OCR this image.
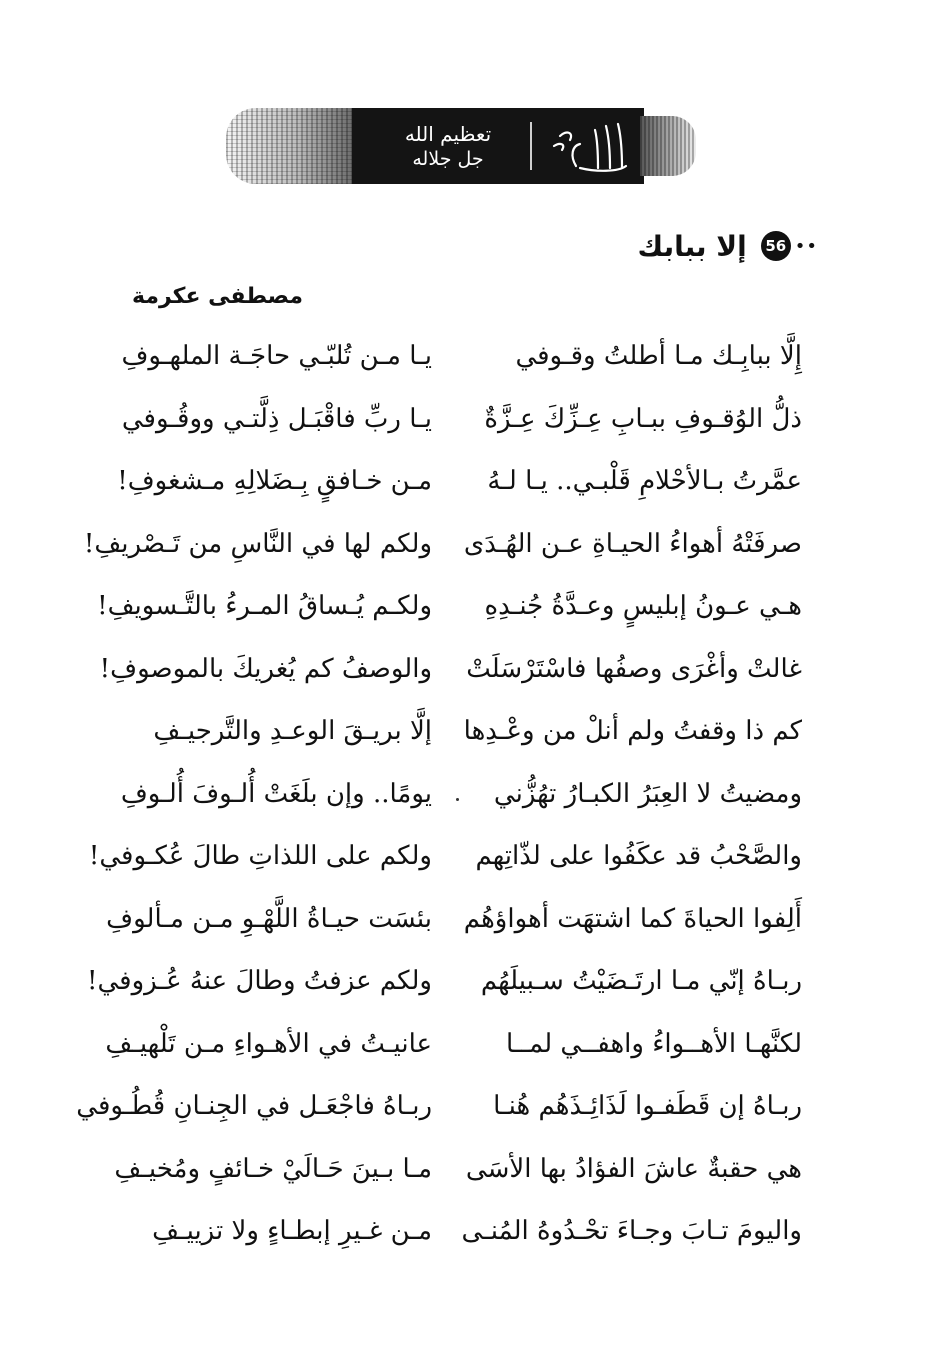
تعظيم الله
جل جلاله
••
56
إلا ببابك
مصطفى عكرمة
إِلَّا ببابِـك مـا أطلتُ وقـوفي
يـا مـن تُلبّـي حاجَـة الملهـوفِ
ذلُّ الوُقـوفِ ببـابِ عِـزِّكَ عِـزَّةٌ
يـا ربِّ فاقْبَـل ذِلَّتـي ووقُـوفي
عمَّرتُ بـالأحْلامِ قَلْبـي.. يـا لـهُ
مـن خـافقٍ بِـضَلالِهِ مـشغوفِ!
صرفَتْهُ أهواءُ الحيـاةِ عـن الهُـدَى
ولكم لها في النَّاسِ من تَـصْريفِ!
هـي عـونُ إبليسٍ وعـدَّةُ جُنـدِهِ
ولكـم يُـساقُ المـرءُ بالتَّـسويفِ!
غالتْ وأغْرَى وصفُها فاسْتَرْسَلَتْ
والوصفُ كم يُغريكَ بالموصوفِ!
كم ذا وقفتُ ولم أنلْ من وعْـدِها
إلَّا بريـقَ الوعـدِ والتَّرجيـفِ
ومضيتُ لا العِبَرُ الكبـارُ تهُزُّني
يومًا.. وإن بلَغَتْ أُلـوفَ أُلـوفِ
والصَّحْبُ قد عكَفُوا على لذّاتِهم
ولكم على اللذاتِ طالَ عُكـوفي!
أَلِفوا الحياةَ كما اشتهَت أهواؤهُم
بئسَت حيـاةُ اللَّهْـوِ مـن مـألوفِ
ربـاهُ إنّي مـا ارتَـضَيْتُ سـبيلَهُم
ولكم عزفتُ وطالَ عنهُ عُـزوفي!
لكنَّهـا الأهــواءُ واهفــي لمــا
عانيـتُ في الأهـواءِ مـن تَلْهيـفِ
ربـاهُ إن قَطَفـوا لَذَائِـذَهُم هُنـا
ربـاهُ فاجْعَـل في الجِنـانِ قُطُـوفي
هي حقبةٌ عاشَ الفؤادُ بها الأسَى
مـا بـينَ حَـالَيْ خـائفٍ ومُخيـفِ
واليومَ تـابَ وجـاءَ تحْـدُوهُ المُنـى
مـن غـيرِ إبطـاءٍ ولا تزييـفِ
